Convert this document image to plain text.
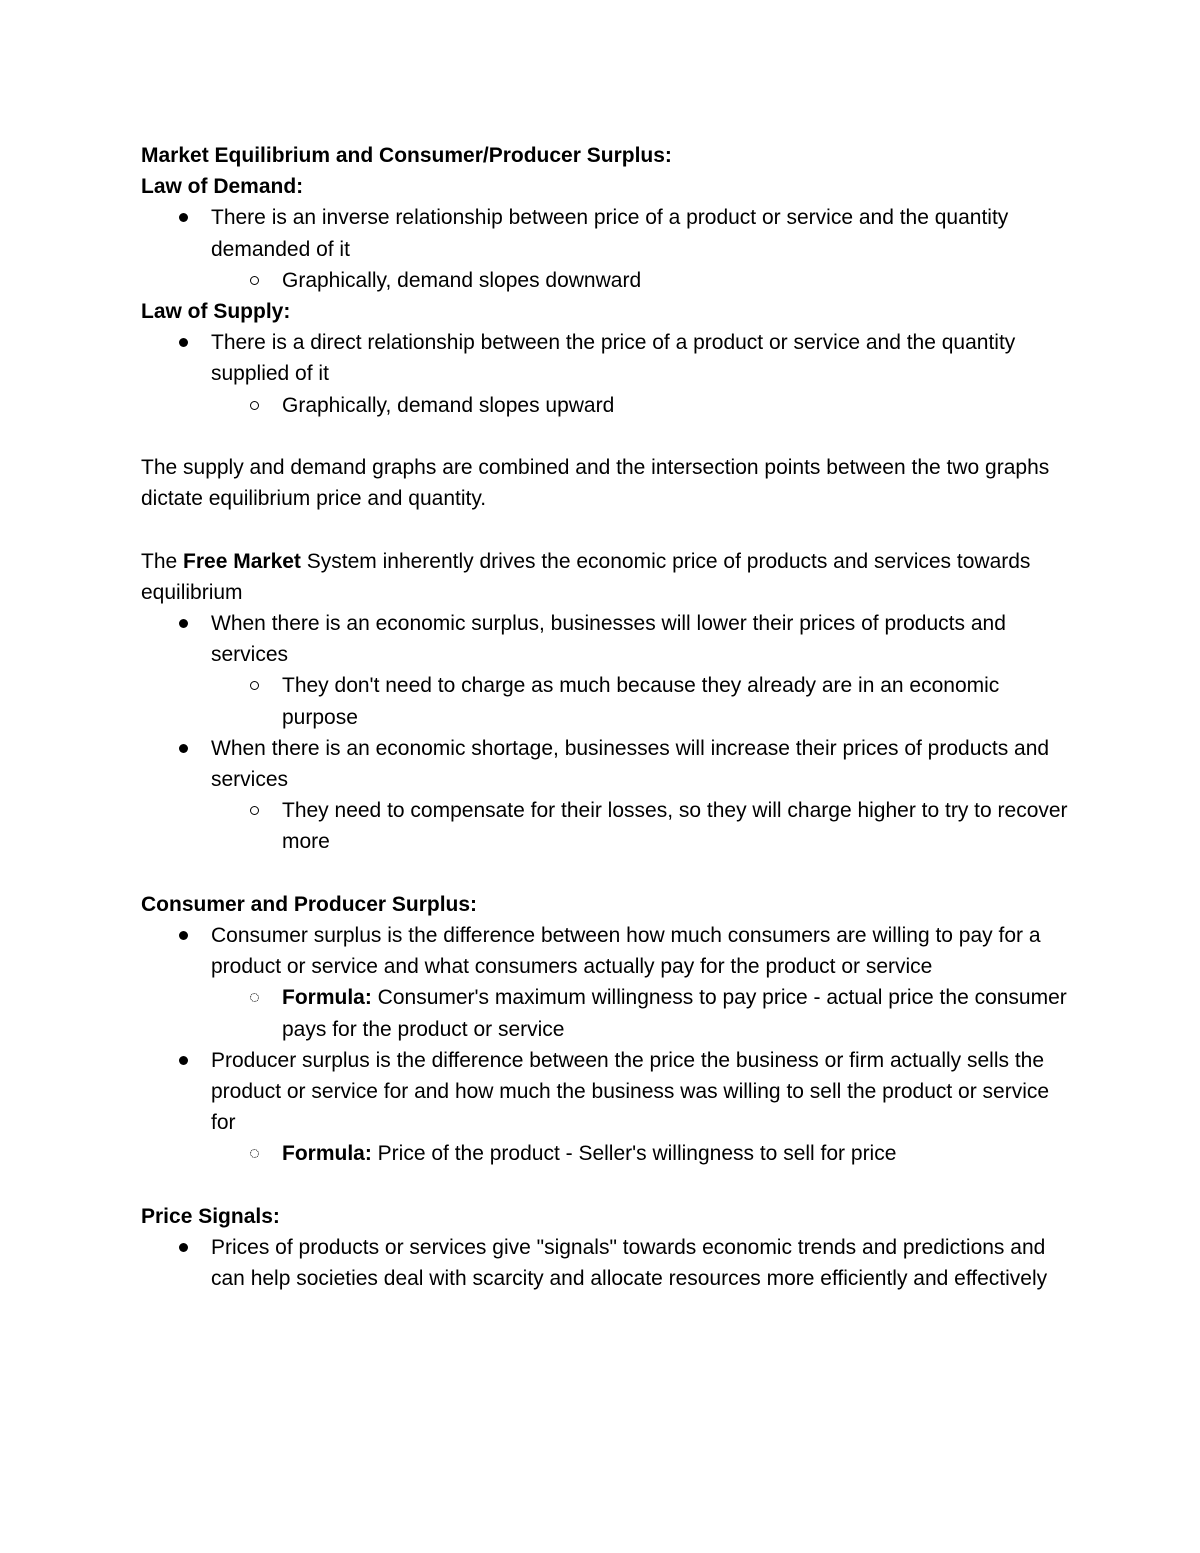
Market Equilibrium and Consumer/Producer Surplus:

Law of Demand:

There is an inverse relationship between price of a product or service and the quantity demanded of it
Graphically, demand slopes downward

Law of Supply:

There is a direct relationship between the price of a product or service and the quantity supplied of it
Graphically, demand slopes upward

The supply and demand graphs are combined and the intersection points between the two graphs dictate equilibrium price and quantity.

The Free Market System inherently drives the economic price of products and services towards equilibrium

When there is an economic surplus, businesses will lower their prices of products and services
They don't need to charge as much because they already are in an economic purpose
When there is an economic shortage, businesses will increase their prices of products and services
They need to compensate for their losses, so they will charge higher to try to recover more

Consumer and Producer Surplus:

Consumer surplus is the difference between how much consumers are willing to pay for a product or service and what consumers actually pay for the product or service
Formula: Consumer's maximum willingness to pay price - actual price the consumer pays for the product or service
Producer surplus is the difference between the price the business or firm actually sells the product or service for and how much the business was willing to sell the product or service for
Formula: Price of the product - Seller's willingness to sell for price

Price Signals:

Prices of products or services give "signals" towards economic trends and predictions and can help societies deal with scarcity and allocate resources more efficiently and effectively
